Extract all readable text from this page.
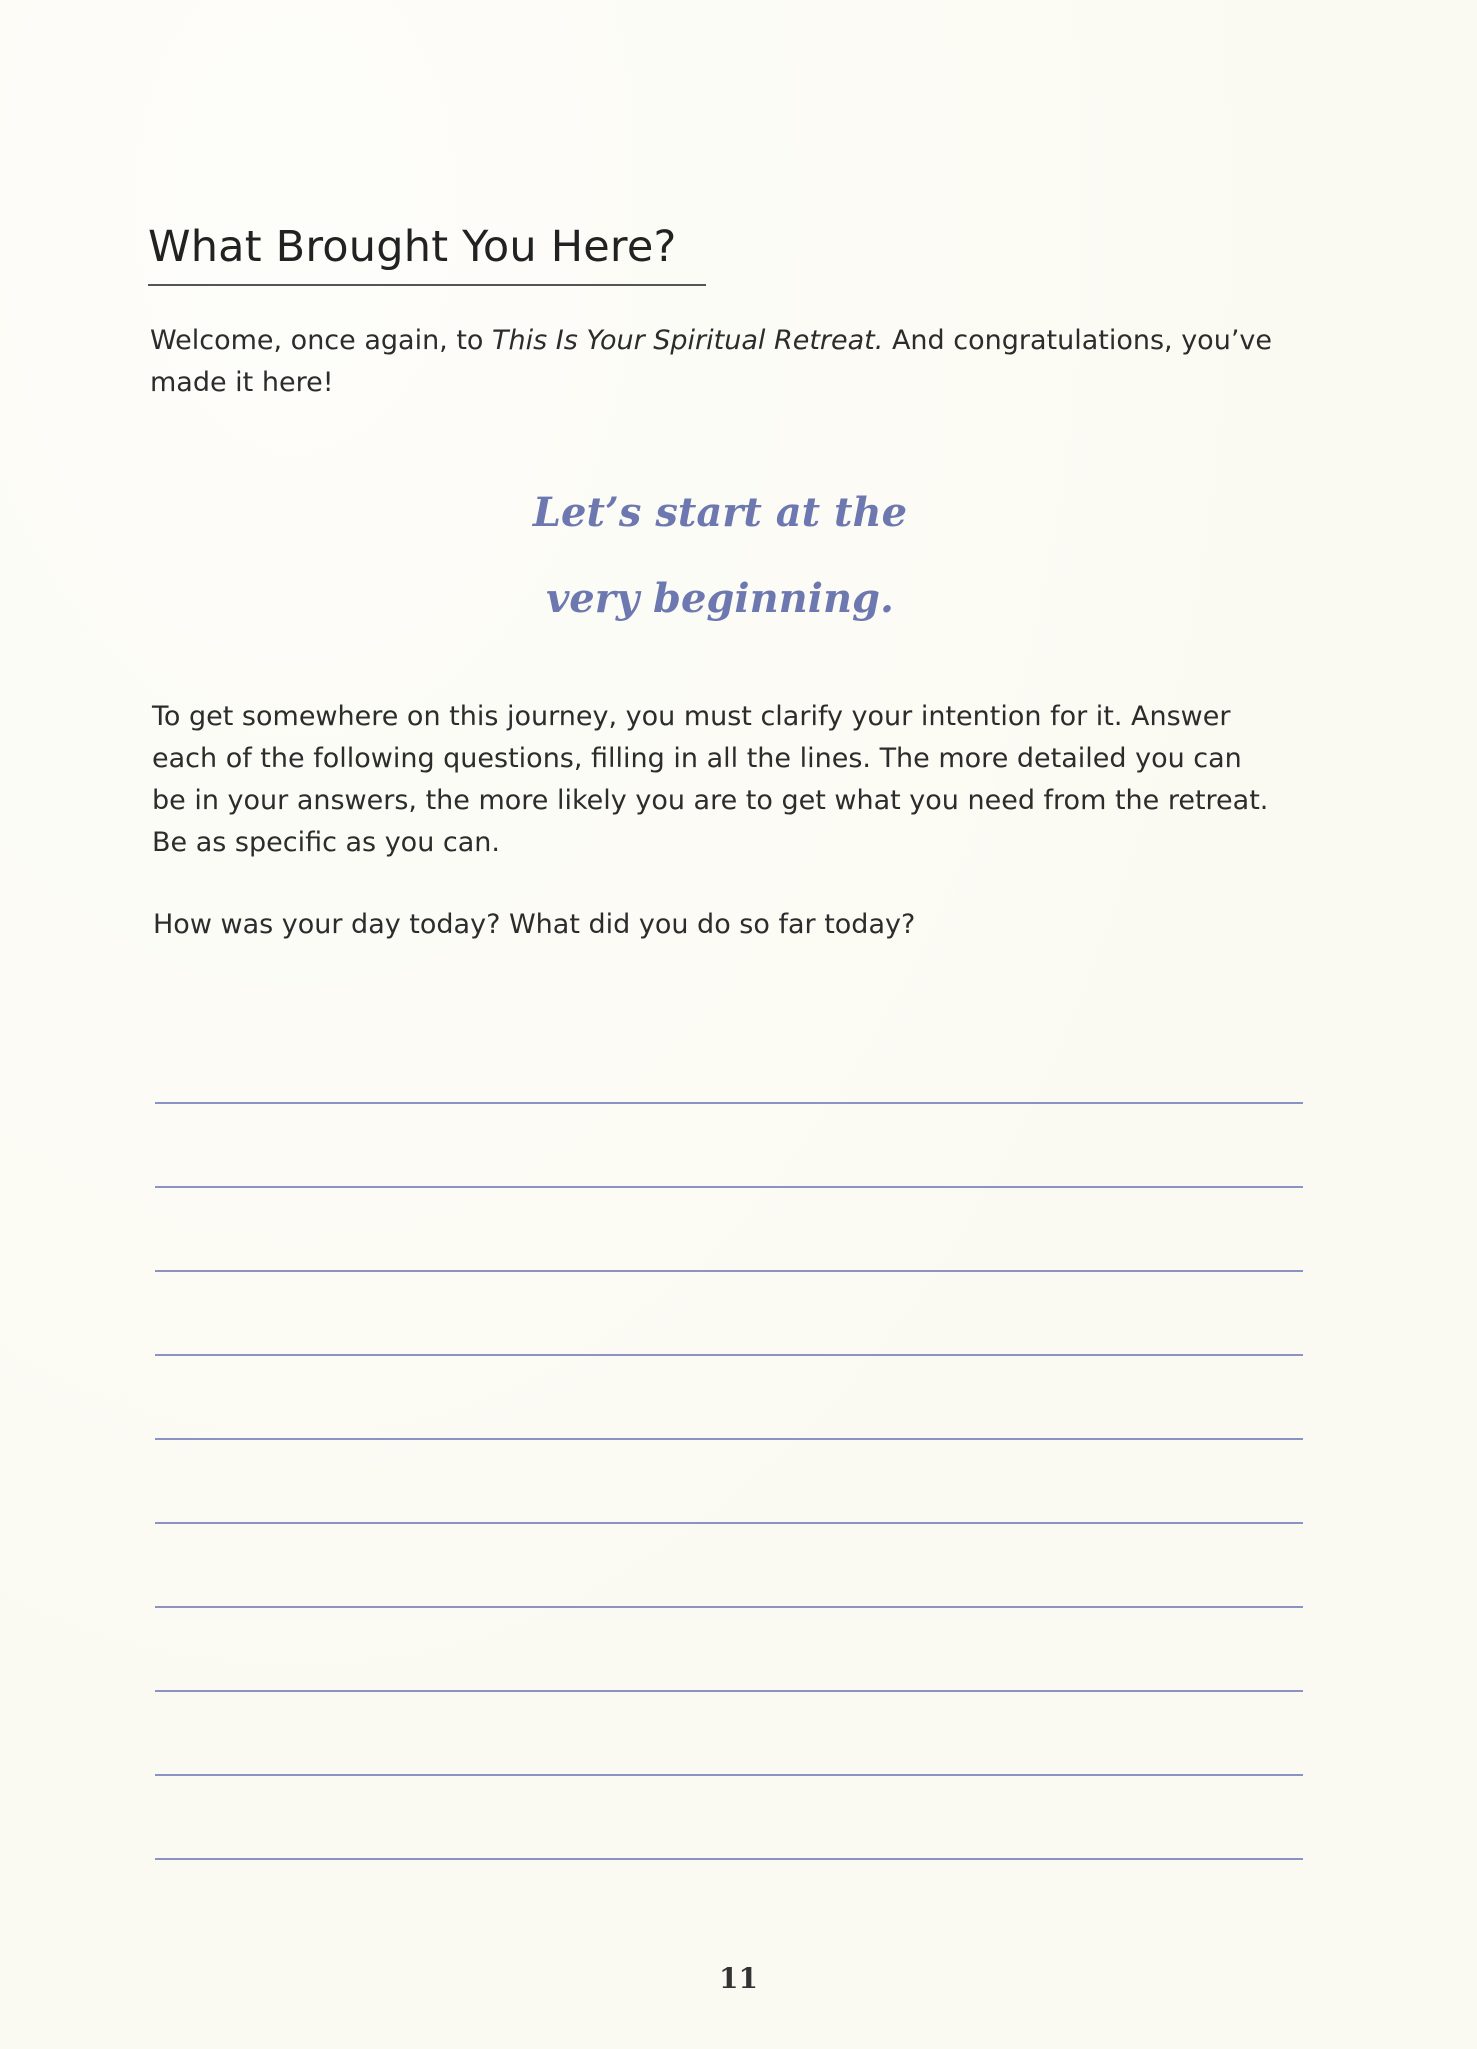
What Brought You Here?

Welcome, once again, to This Is Your Spiritual Retreat. And congratulations, you’ve made it here!

Let’s start at the
very beginning.

To get somewhere on this journey, you must clarify your intention for it. Answer each of the following questions, filling in all the lines. The more detailed you can be in your answers, the more likely you are to get what you need from the retreat. Be as specific as you can.

How was your day today? What did you do so far today?

11
